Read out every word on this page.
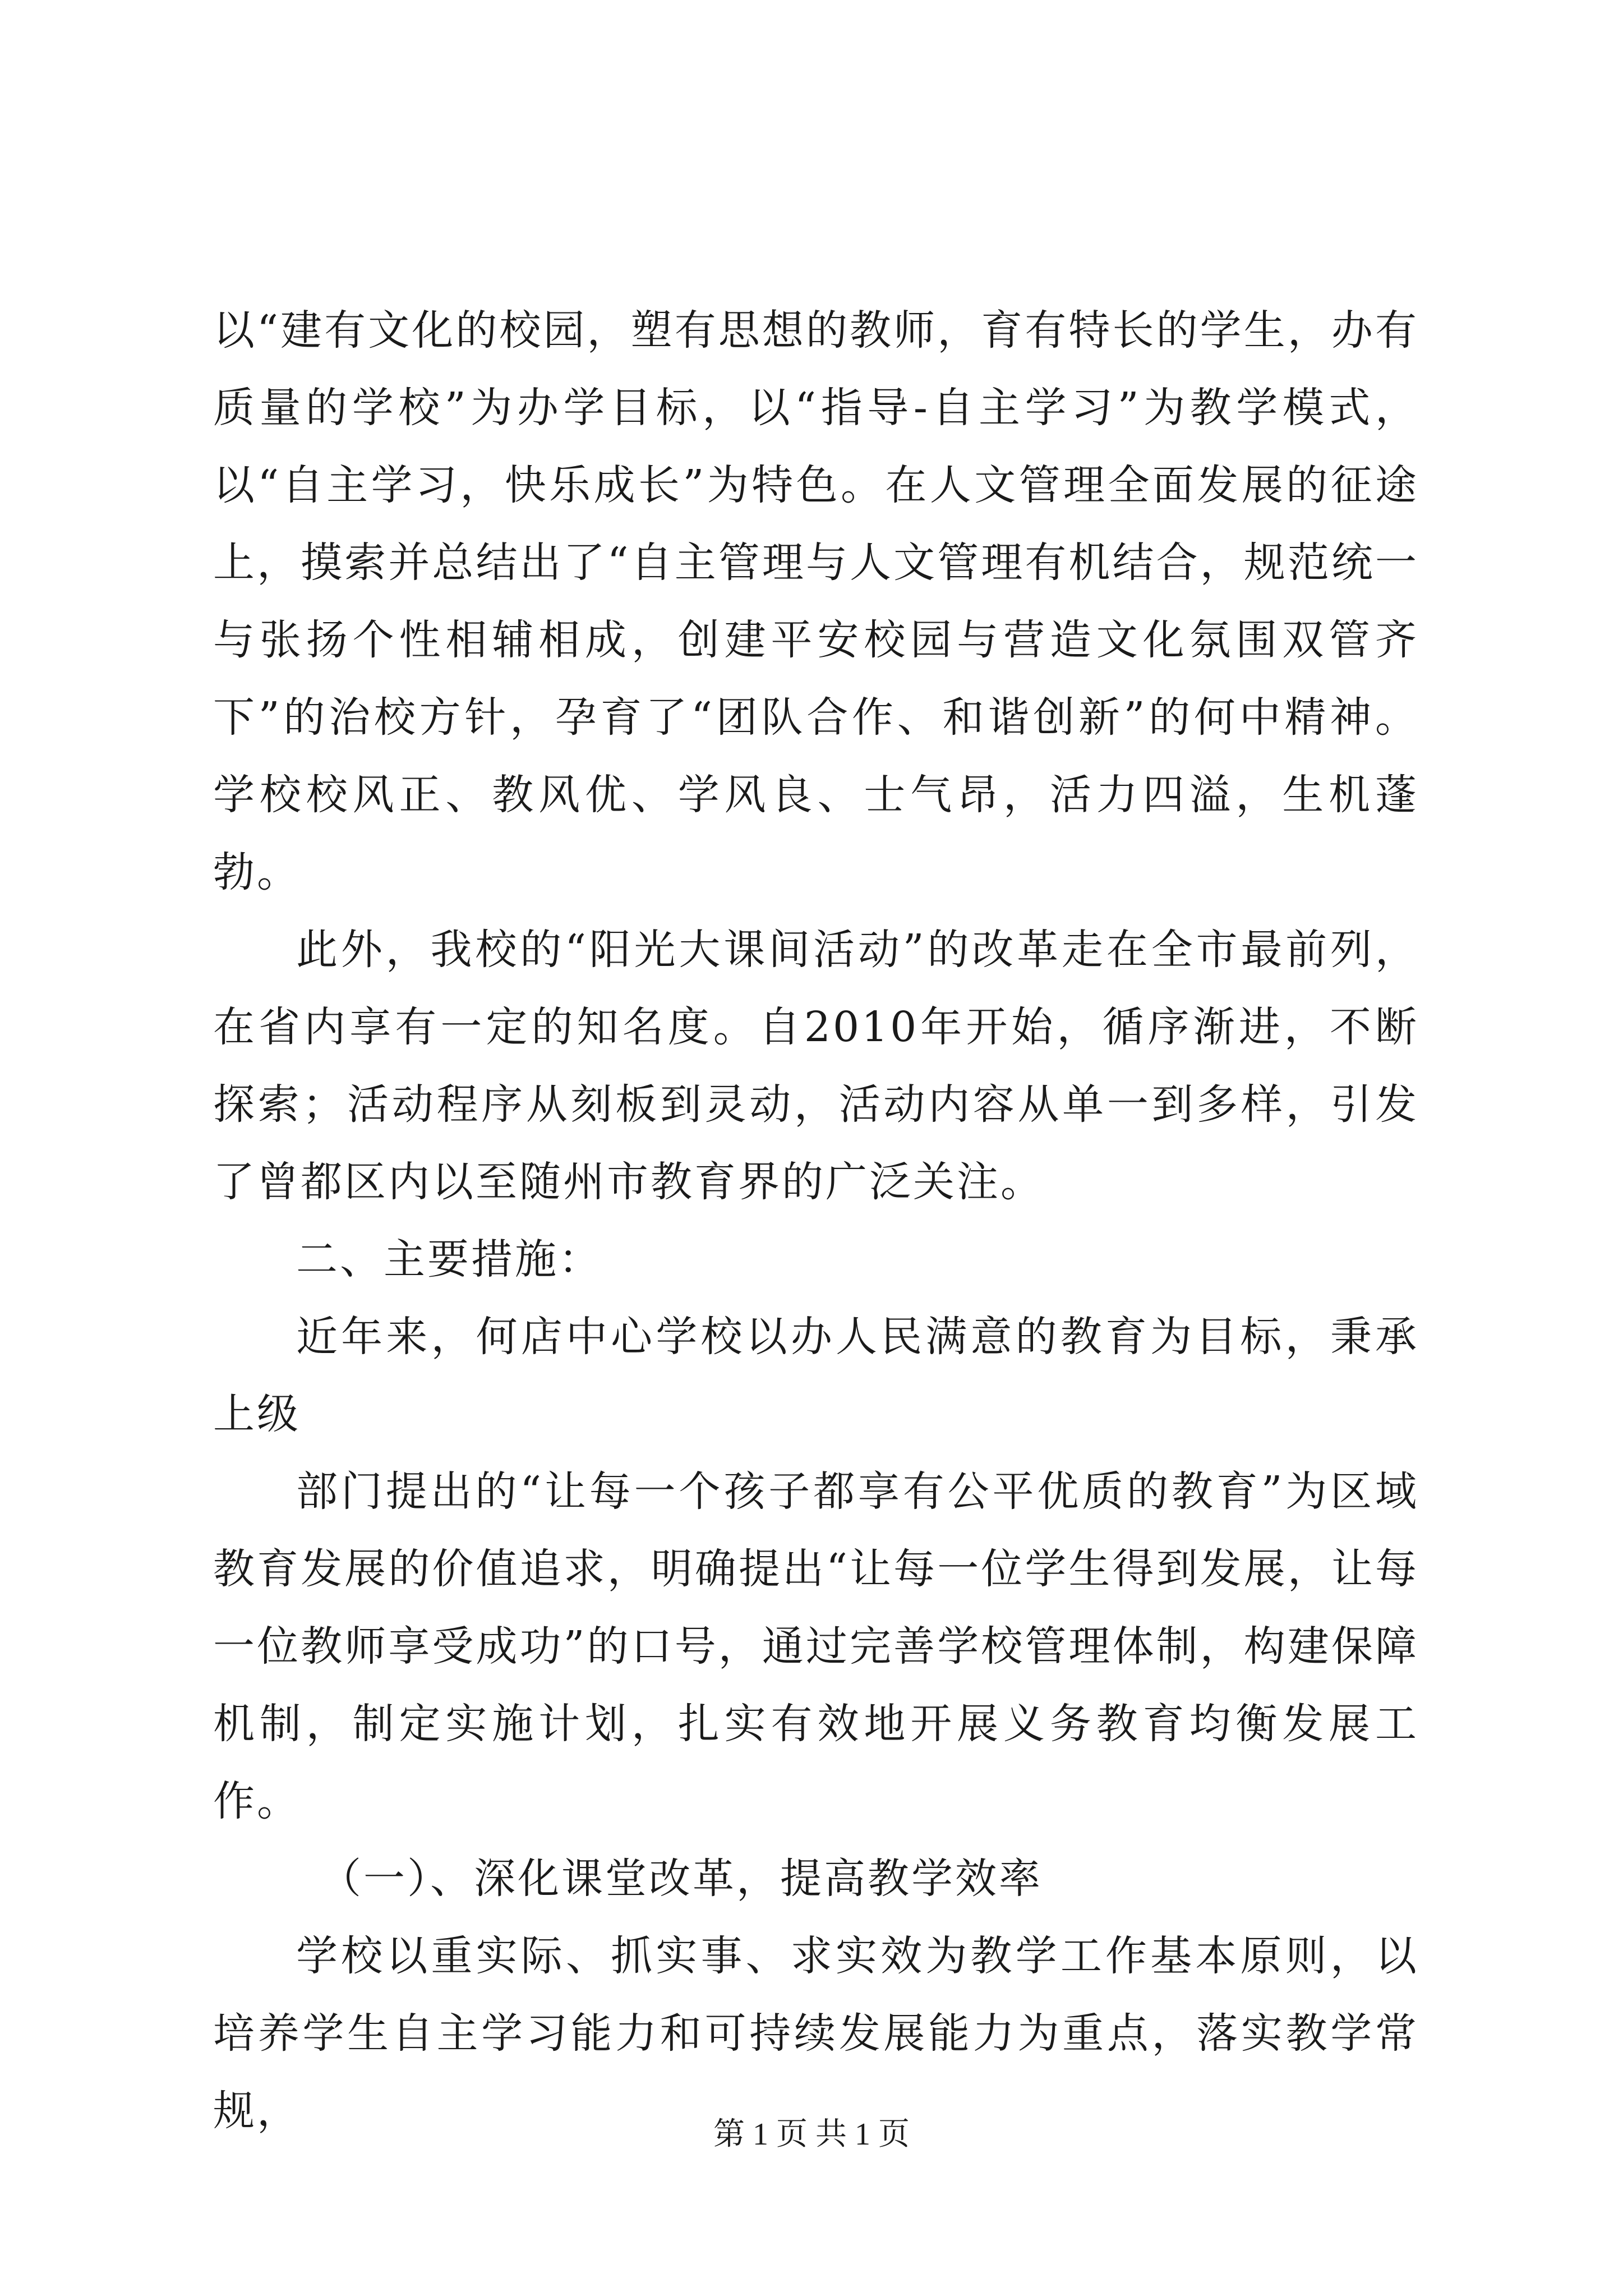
以“建有文化的校园，塑有思想的教师，育有特长的学生，办有质量的学校”为办学目标，以“指导-自主学习”为教学模式，以“自主学习，快乐成长”为特色。在人文管理全面发展的征途上，摸索并总结出了“自主管理与人文管理有机结合，规范统一与张扬个性相辅相成，创建平安校园与营造文化氛围双管齐下”的治校方针，孕育了“团队合作、和谐创新”的何中精神。学校校风正、教风优、学风良、士气昂，活力四溢，生机蓬勃。

此外，我校的“阳光大课间活动”的改革走在全市最前列，在省内享有一定的知名度。自2010年开始，循序渐进，不断探索；活动程序从刻板到灵动，活动内容从单一到多样，引发了曾都区内以至随州市教育界的广泛关注。

二、主要措施：

近年来，何店中心学校以办人民满意的教育为目标，秉承上级

部门提出的“让每一个孩子都享有公平优质的教育”为区域教育发展的价值追求，明确提出“让每一位学生得到发展，让每一位教师享受成功”的口号，通过完善学校管理体制，构建保障机制，制定实施计划，扎实有效地开展义务教育均衡发展工作。

（一）、深化课堂改革，提高教学效率

学校以重实际、抓实事、求实效为教学工作基本原则，以培养学生自主学习能力和可持续发展能力为重点，落实教学常规，	第 1 页 共 1 页
